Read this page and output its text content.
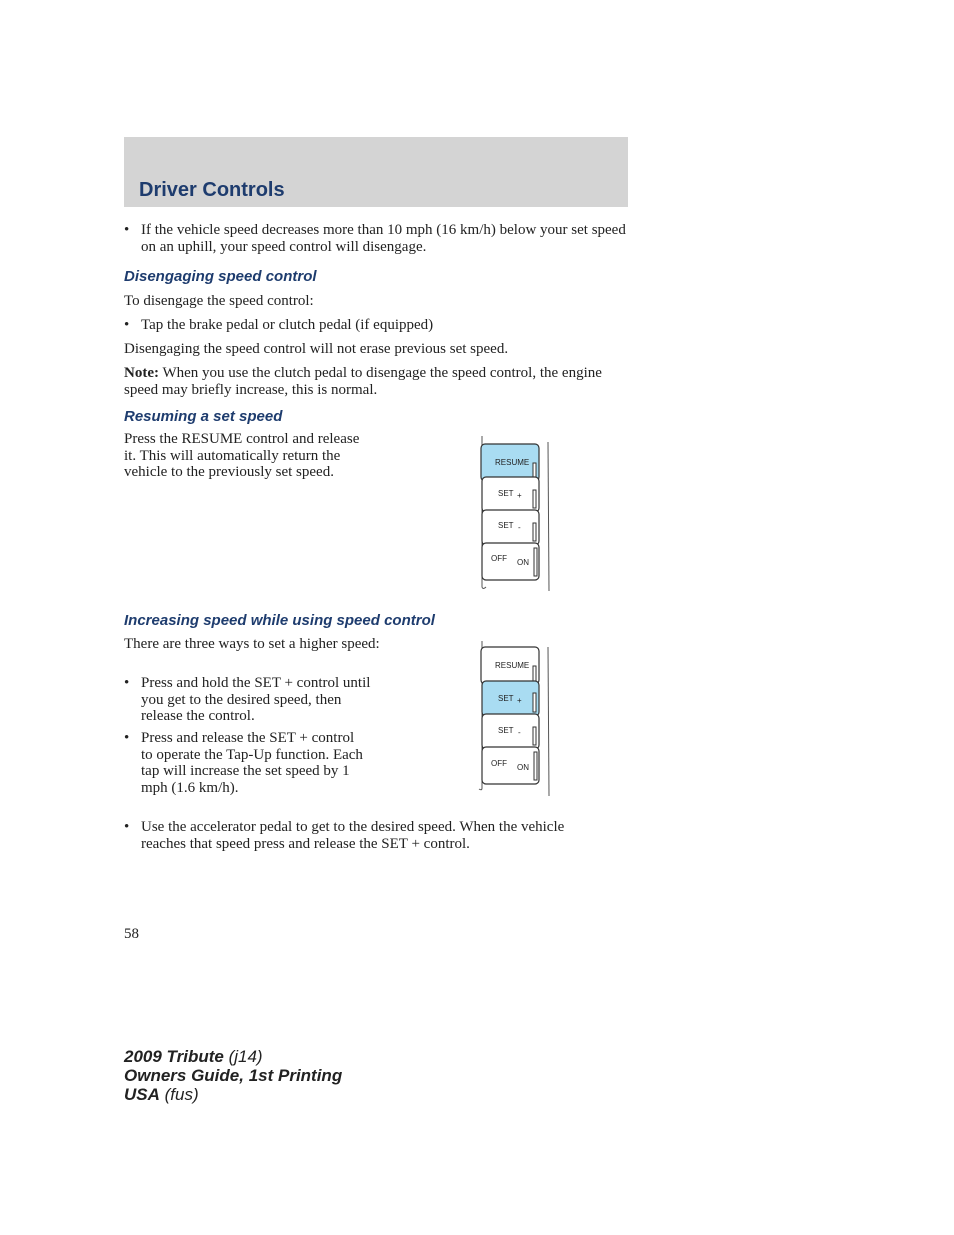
Driver Controls
• If the vehicle speed decreases more than 10 mph (16 km/h) below your set speed on an uphill, your speed control will disengage.
Disengaging speed control

To disengage the speed control:

• Tap the brake pedal or clutch pedal (if equipped)

Disengaging the speed control will not erase previous set speed.

Note: When you use the clutch pedal to disengage the speed control, the engine speed may briefly increase, this is normal.

Resuming a set speed

Press the RESUME control and release it. This will automatically return the vehicle to the previously set speed.

RESUME
SET +
SET -
OFF ON
Increasing speed while using speed control

There are three ways to set a higher speed:

• Press and hold the SET + control until you get to the desired speed, then release the control.
• Press and release the SET + control to operate the Tap-Up function. Each tap will increase the set speed by 1 mph (1.6 km/h).
• Use the accelerator pedal to get to the desired speed. When the vehicle reaches that speed press and release the SET + control.
RESUME
SET +
SET -
OFF ON
58
2009 Tribute (j14)
Owners Guide, 1st Printing
USA (fus)
